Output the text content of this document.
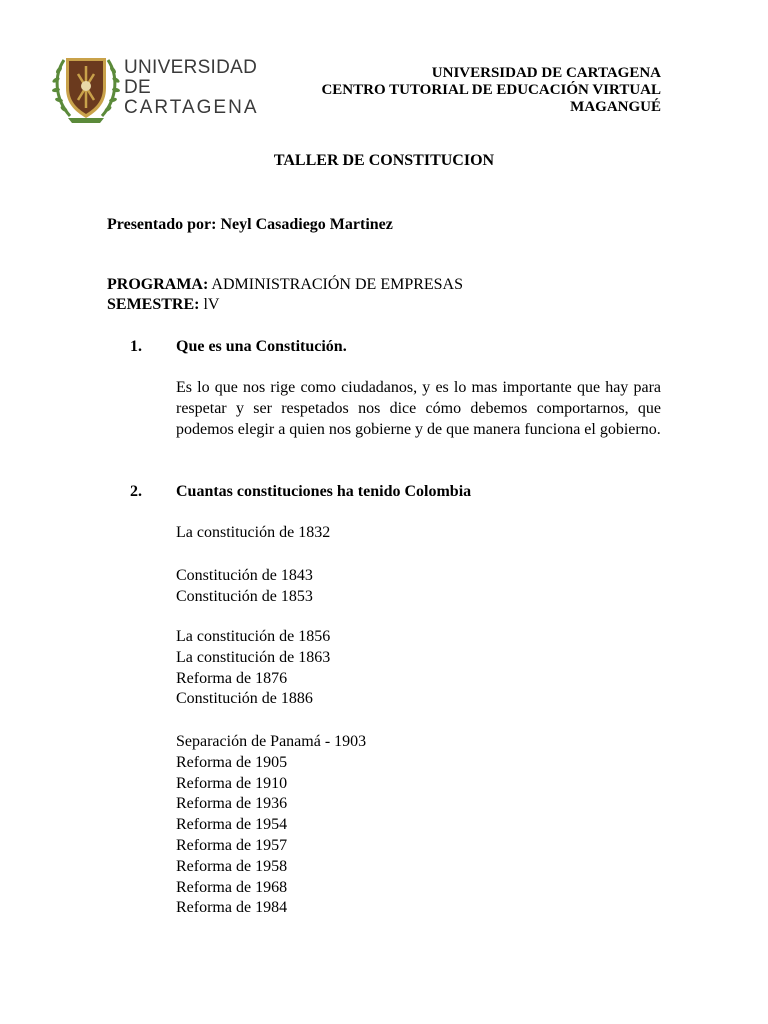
UNIVERSIDAD
DE
CARTAGENA
UNIVERSIDAD DE CARTAGENA
CENTRO TUTORIAL DE EDUCACIÓN VIRTUAL
MAGANGUÉ
TALLER DE CONSTITUCION
Presentado por: Neyl Casadiego Martinez
PROGRAMA: ADMINISTRACIÓN DE EMPRESAS
SEMESTRE: lV
1. Que es una Constitución.
Es lo que nos rige como ciudadanos, y es lo mas importante que hay para respetar y ser respetados nos dice cómo debemos comportarnos, que podemos elegir a quien nos gobierne y de que manera funciona el gobierno.
2. Cuantas constituciones ha tenido Colombia
La constitución de 1832
Constitución de 1843
Constitución de 1853
La constitución de 1856
La constitución de 1863
Reforma de 1876
Constitución de 1886
Separación de Panamá - 1903
Reforma de 1905
Reforma de 1910
Reforma de 1936
Reforma de 1954
Reforma de 1957
Reforma de 1958
Reforma de 1968
Reforma de 1984
